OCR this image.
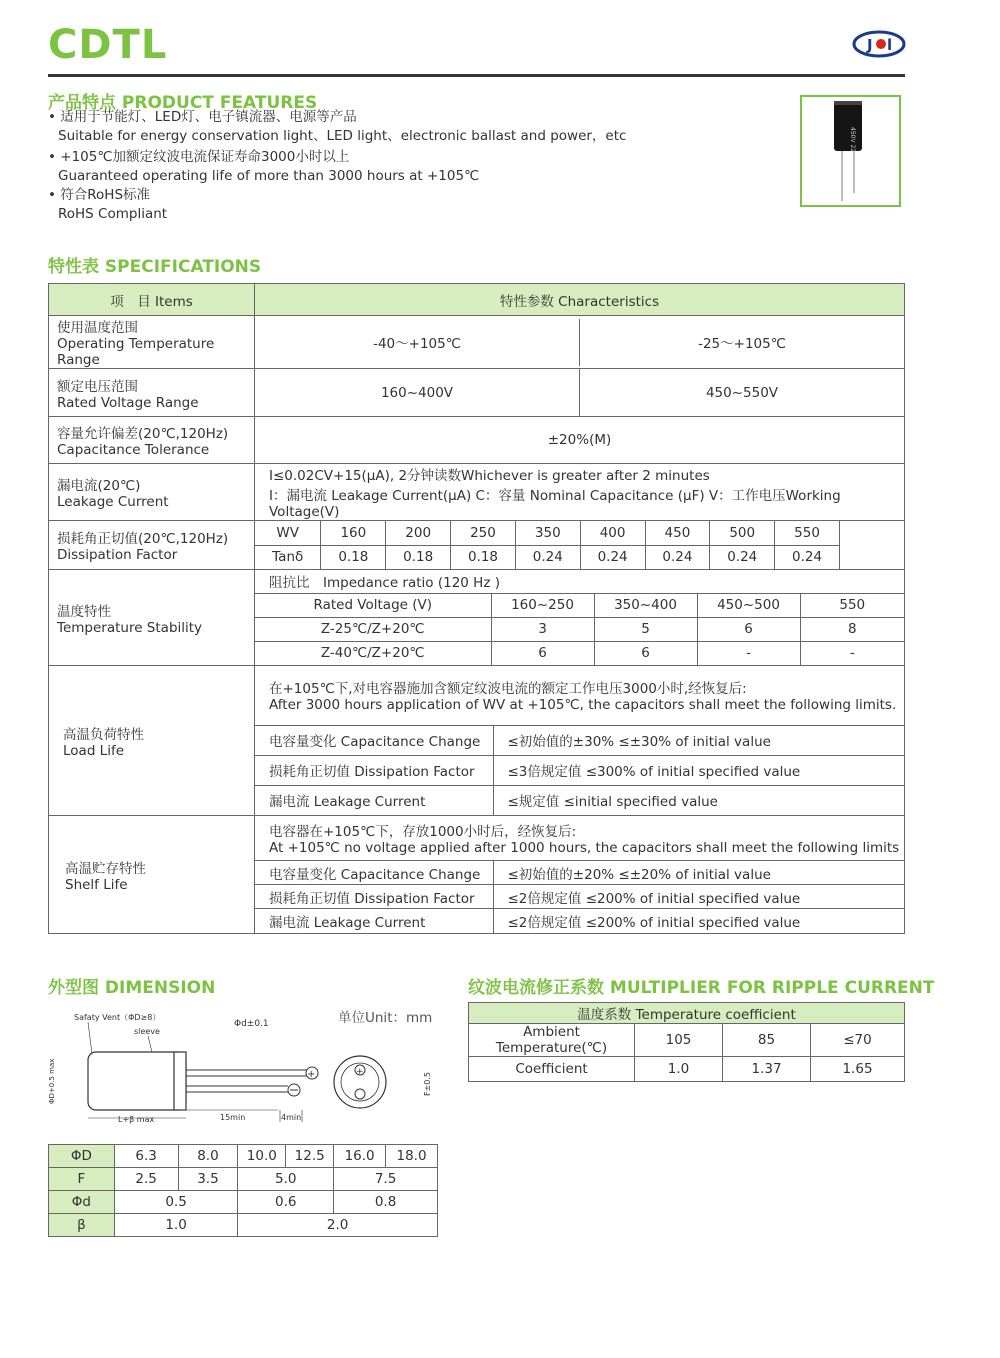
CDTL	J l
产品特点 PRODUCT FEATURES
• 适用于节能灯、LED灯、电子镇流器、电源等产品
Suitable for energy conservation light、LED light、electronic ballast and power，etc
• +105℃加额定纹波电流保证寿命3000小时以上
Guaranteed operating life of more than 3000 hours at +105℃
• 符合RoHS标准
RoHS Compliant
450V 22
特性表 SPECIFICATIONS
项　目 Items	特性参数 Characteristics

使用温度范围
Operating Temperature Range

-40～+105℃	-25～+105℃

额定电压范围
Rated Voltage Range

160~400V	450~550V

容量允许偏差(20℃,120Hz)
Capacitance Tolerance
	±20%(M)

漏电流(20℃)
Leakage Current

I≤0.02CV+15(μA), 2分钟读数Whichever is greater after 2 minutes
I：漏电流 Leakage Current(μA) C：容量 Nominal Capacitance (μF) V：工作电压Working Voltage(V)

损耗角正切值(20℃,120Hz)
Dissipation Factor

WV	160	200	250	350	400	450	500	550
Tanδ	0.18	0.18	0.18	0.24	0.24	0.24	0.24	0.24

温度特性
Temperature Stability

阻抗比　Impedance ratio (120 Hz )
Rated Voltage (V)	160~250	350~400	450~500	550
Z-25℃/Z+20℃	3	5	6	8
Z-40℃/Z+20℃	6	6	-	-

高温负荷特性
Load Life

在+105℃下,对电容器施加含额定纹波电流的额定工作电压3000小时,经恢复后:
After 3000 hours application of WV at +105℃, the capacitors shall meet the following limits.

电容量变化 Capacitance Change	≤初始值的±30% ≤±30% of initial value
损耗角正切值 Dissipation Factor	≤3倍规定值 ≤300% of initial specified value
漏电流 Leakage Current	≤规定值 ≤initial specified value

高温贮存特性
Shelf Life

电容器在+105℃下，存放1000小时后，经恢复后:
At +105℃ no voltage applied after 1000 hours, the capacitors shall meet the following limits

电容量变化 Capacitance Change	≤初始值的±20% ≤±20% of initial value
损耗角正切值 Dissipation Factor	≤2倍规定值 ≤200% of initial specified value
漏电流 Leakage Current	≤2倍规定值 ≤200% of initial specified value
外型图 DIMENSION
单位Unit：mm
Safaty Vent（ΦD≥8）
sleeve
Φd±0.1
+
ΦD+0.5 max
L+β max	15min	4min
+	F±0.5
ΦD	6.3	8.0	10.0	12.5	16.0	18.0
F	2.5	3.5	5.0		7.5	
Φd	0.5		0.6		0.8	
β	1.0		2.0			
纹波电流修正系数 MULTIPLIER FOR RIPPLE CURRENT
温度系数 Temperature coefficient			
Ambient Temperature(℃)	105	85	≤70
Coefficient	1.0	1.37	1.65
